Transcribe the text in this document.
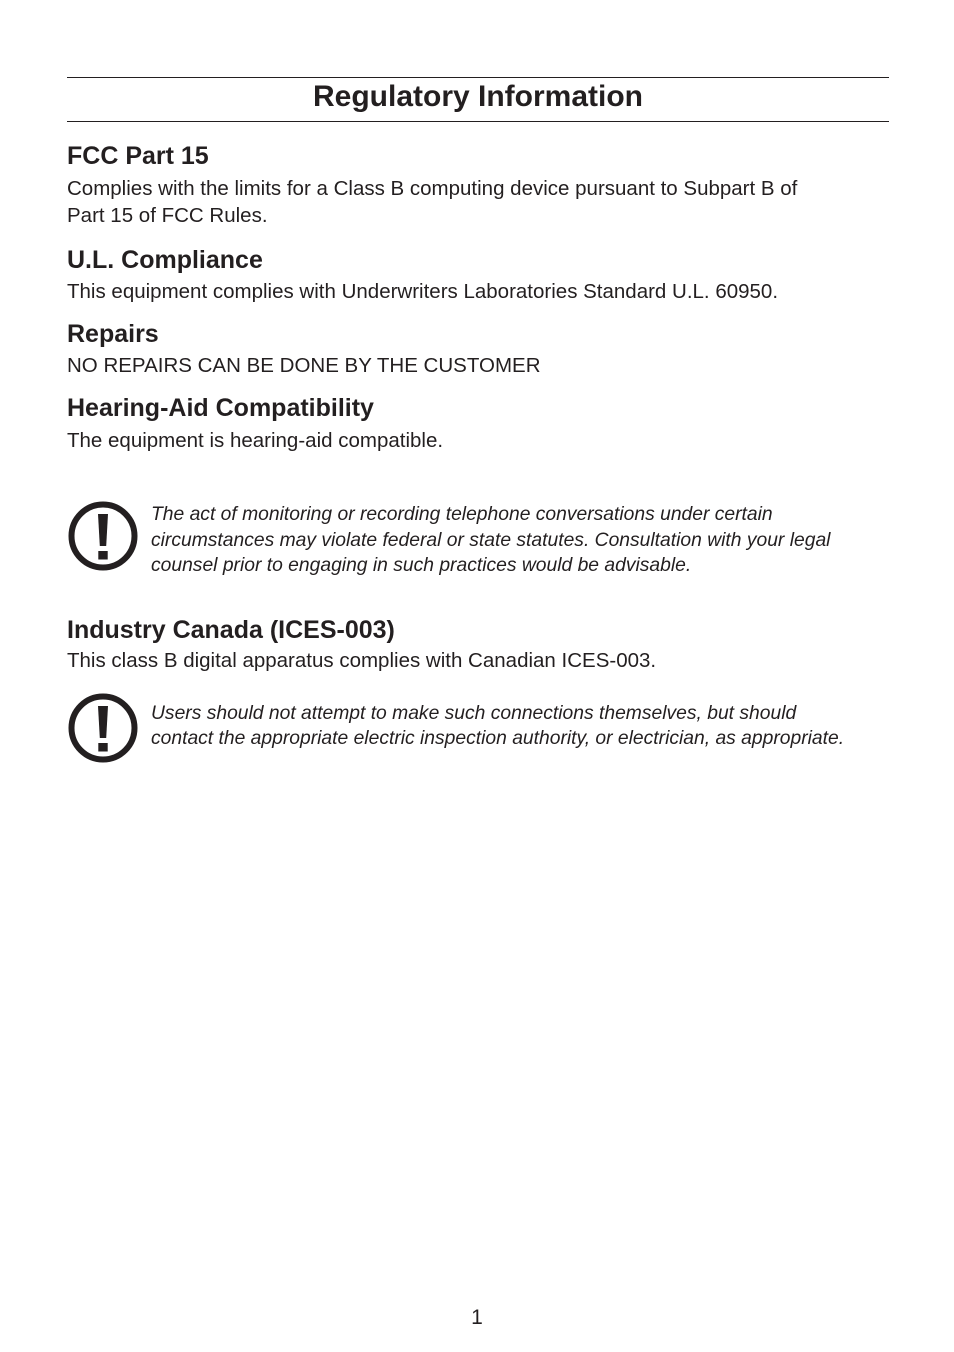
Regulatory Information
FCC Part 15

Complies with the limits for a Class B computing device pursuant to Subpart B of
Part 15 of FCC Rules.

U.L. Compliance

This equipment complies with Underwriters Laboratories Standard U.L. 60950.

Repairs

NO REPAIRS CAN BE DONE BY THE CUSTOMER

Hearing-Aid Compatibility

The equipment is hearing-aid compatible.

The act of monitoring or recording telephone conversations under certain
circumstances may violate federal or state statutes. Consultation with your legal
counsel prior to engaging in such practices would be advisable.

Industry Canada (ICES-003)

This class B digital apparatus complies with Canadian ICES-003.

Users should not attempt to make such connections themselves, but should
contact the appropriate electric inspection authority, or electrician, as appropriate.

1
